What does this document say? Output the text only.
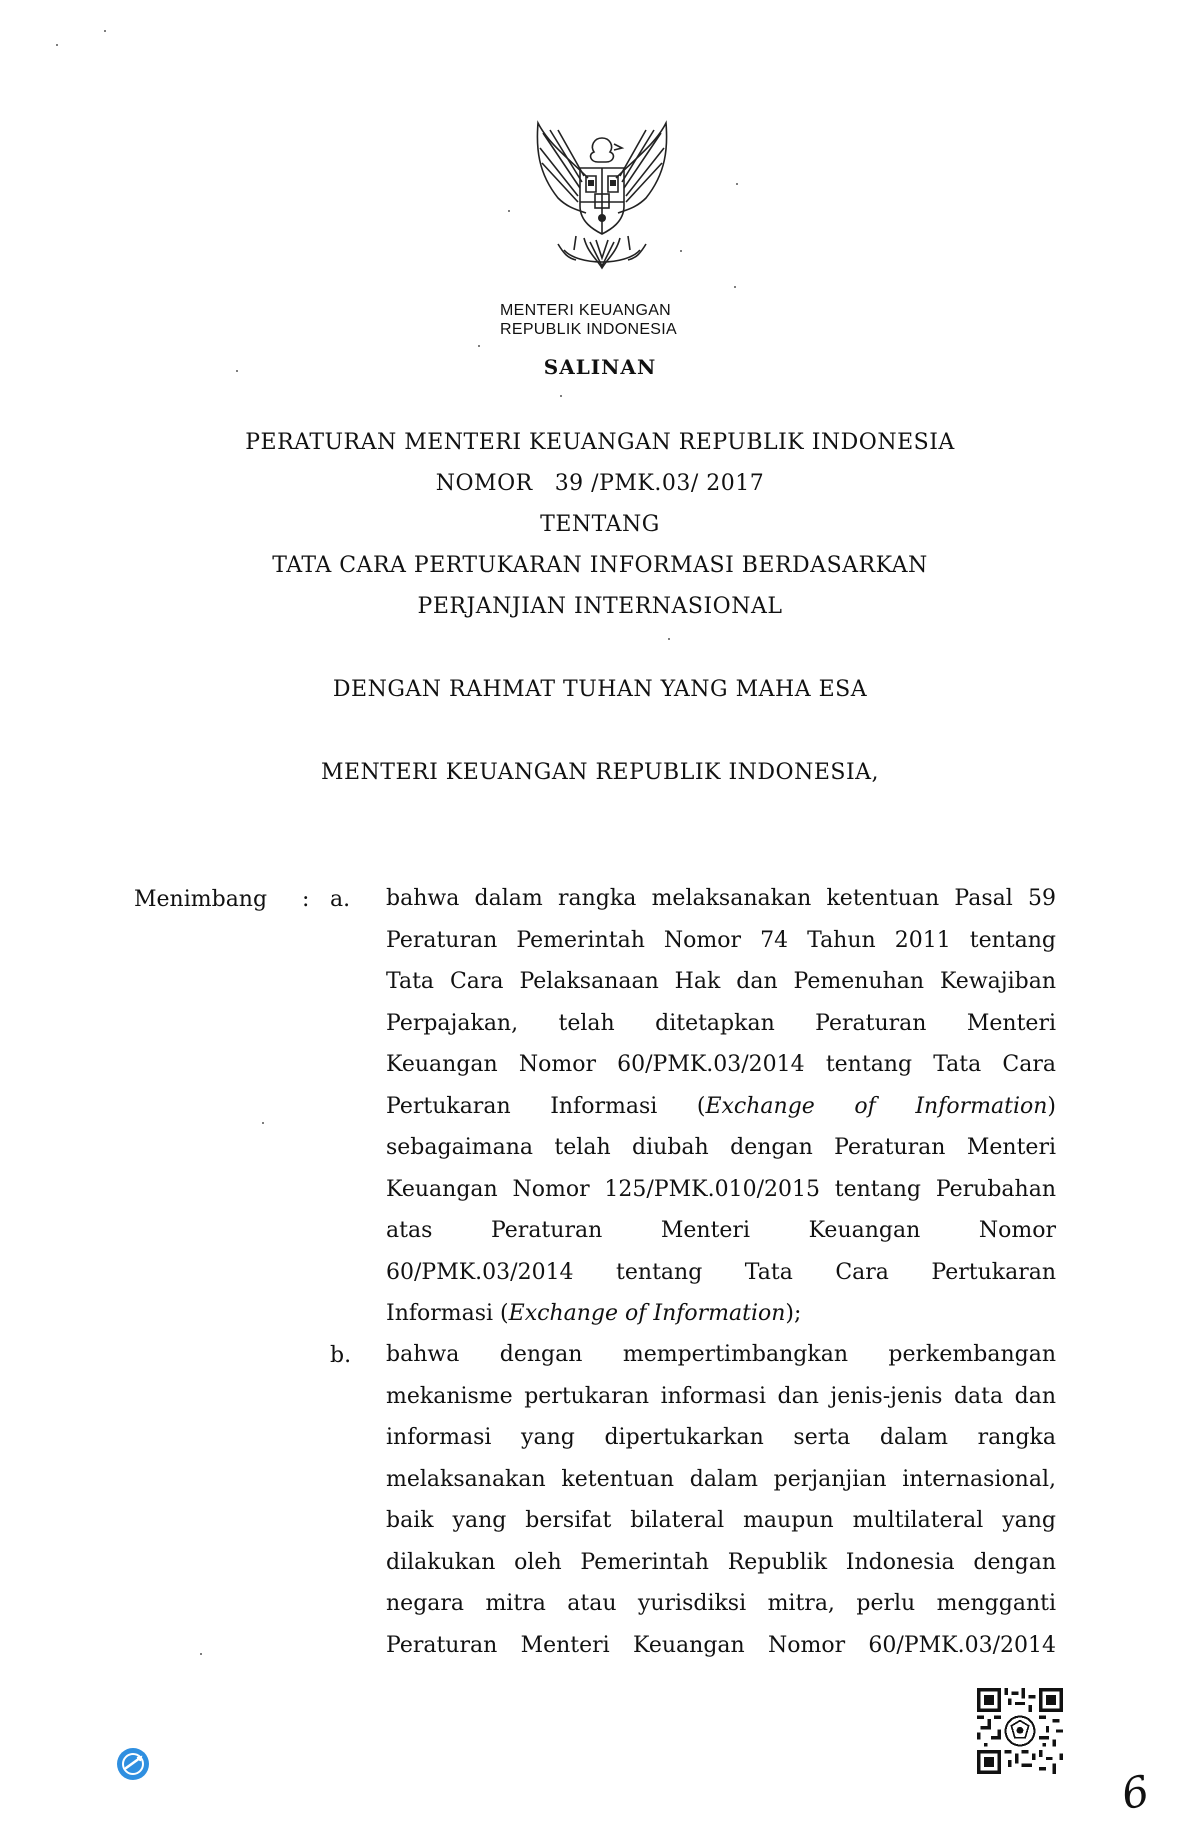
MENTERI KEUANGAN
REPUBLIK INDONESIA
SALINAN
PERATURAN MENTERI KEUANGAN REPUBLIK INDONESIA
NOMOR 39 /PMK.03/ 2017
TENTANG
TATA CARA PERTUKARAN INFORMASI BERDASARKAN
PERJANJIAN INTERNASIONAL
DENGAN RAHMAT TUHAN YANG MAHA ESA
MENTERI KEUANGAN REPUBLIK INDONESIA,
Menimbang : a. bahwa dalam rangka melaksanakan ketentuan Pasal 59
Peraturan Pemerintah Nomor 74 Tahun 2011 tentang
Tata Cara Pelaksanaan Hak dan Pemenuhan Kewajiban
Perpajakan, telah ditetapkan Peraturan Menteri
Keuangan Nomor 60/PMK.03/2014 tentang Tata Cara
Pertukaran Informasi (Exchange of Information)
sebagaimana telah diubah dengan Peraturan Menteri
Keuangan Nomor 125/PMK.010/2015 tentang Perubahan
atas Peraturan Menteri Keuangan Nomor
60/PMK.03/2014 tentang Tata Cara Pertukaran
Informasi (Exchange of Information);
b. bahwa dengan mempertimbangkan perkembangan
mekanisme pertukaran informasi dan jenis-jenis data dan
informasi yang dipertukarkan serta dalam rangka
melaksanakan ketentuan dalam perjanjian internasional,
baik yang bersifat bilateral maupun multilateral yang
dilakukan oleh Pemerintah Republik Indonesia dengan
negara mitra atau yurisdiksi mitra, perlu mengganti
Peraturan Menteri Keuangan Nomor 60/PMK.03/2014
6
